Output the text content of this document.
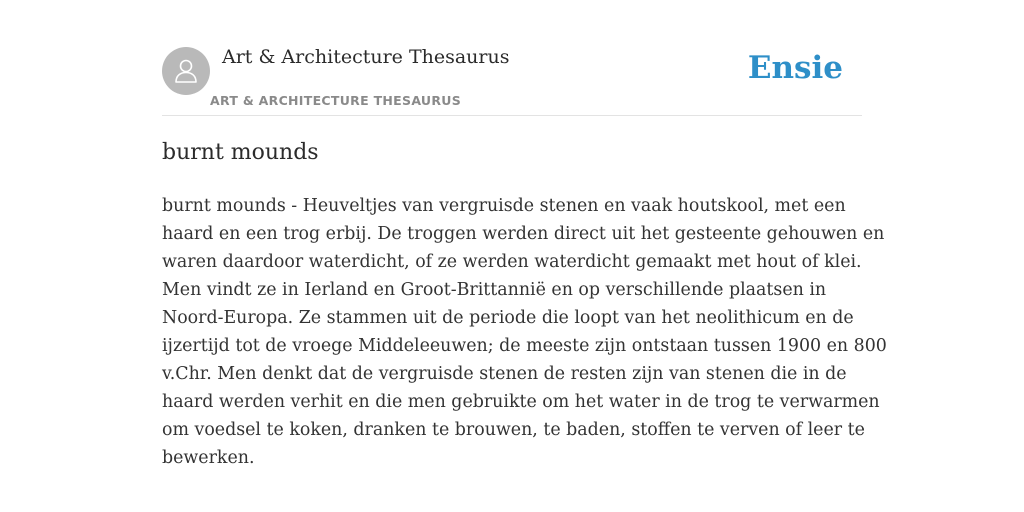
Art & Architecture Thesaurus
ART & ARCHITECTURE THESAURUS
Ensie
burnt mounds

burnt mounds - Heuveltjes van vergruisde stenen en vaak houtskool, met een
haard en een trog erbij. De troggen werden direct uit het gesteente gehouwen en
waren daardoor waterdicht, of ze werden waterdicht gemaakt met hout of klei.
Men vindt ze in Ierland en Groot-Brittannië en op verschillende plaatsen in
Noord-Europa. Ze stammen uit de periode die loopt van het neolithicum en de
ijzertijd tot de vroege Middeleeuwen; de meeste zijn ontstaan tussen 1900 en 800
v.Chr. Men denkt dat de vergruisde stenen de resten zijn van stenen die in de
haard werden verhit en die men gebruikte om het water in de trog te verwarmen
om voedsel te koken, dranken te brouwen, te baden, stoffen te verven of leer te
bewerken.
